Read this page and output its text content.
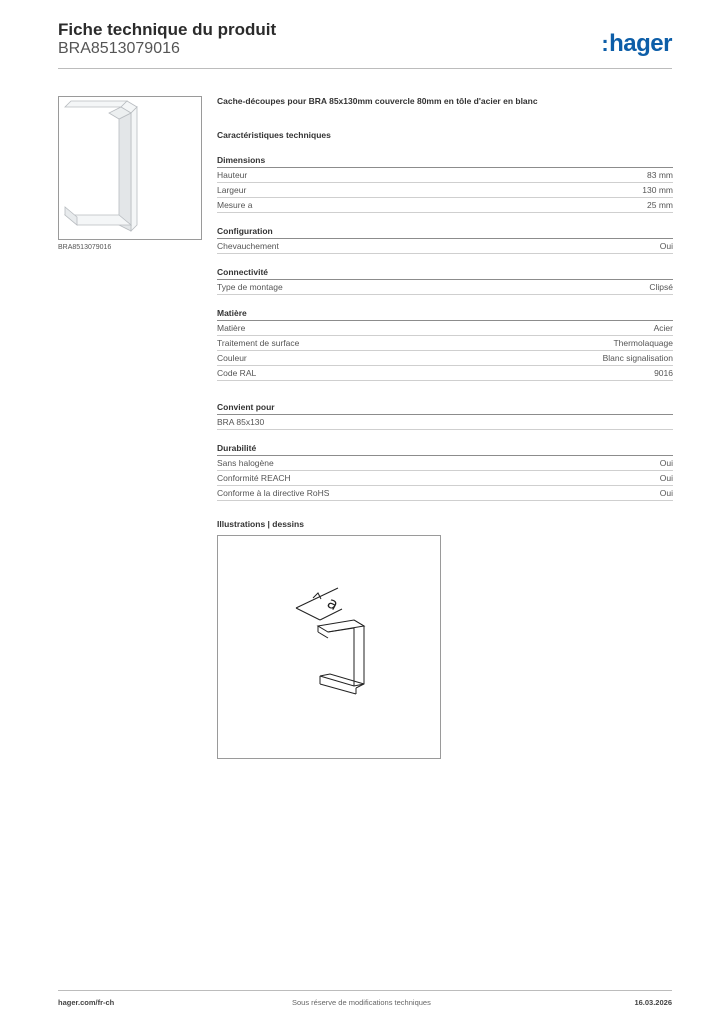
Fiche technique du produit
BRA8513079016	:hager
BRA8513079016
Cache-découpes pour BRA 85x130mm couvercle 80mm en tôle d'acier en blanc
Caractéristiques techniques
Dimensions
Hauteur	83 mm
Largeur	130 mm
Mesure a	25 mm
Configuration
Chevauchement	Oui
Connectivité
Type de montage	Clipsé
Matière
Matière	Acier
Traitement de surface	Thermolaquage
Couleur	Blanc signalisation
Code RAL	9016
Convient pour
BRA 85x130
Durabilité
Sans halogène	Oui
Conformité REACH	Oui
Conforme à la directive RoHS	Oui
Illustrations | dessins
a
hager.com/fr-ch	Sous réserve de modifications techniques	16.03.2026
